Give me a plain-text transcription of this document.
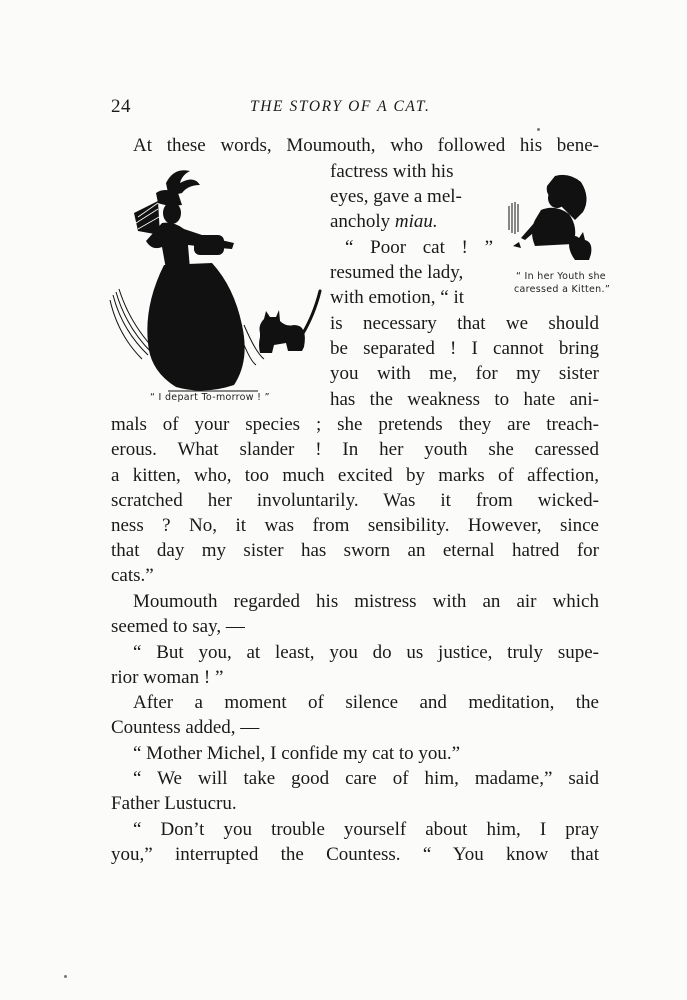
24	THE STORY OF A CAT.
“ I depart To-morrow ! ”
“ In her Youth she
caressed a Kitten.”
At these words, Moumouth, who followed his bene-
factress with his
eyes, gave a mel-
ancholy miau.
“ Poor cat ! ”
resumed the lady,
with emotion, “ it
is necessary that we should
be separated ! I cannot bring
you with me, for my sister
has the weakness to hate ani-
mals of your species ; she pretends they are treach-
erous. What slander ! In her youth she caressed
a kitten, who, too much excited by marks of affection,
scratched her involuntarily. Was it from wicked-
ness ? No, it was from sensibility. However, since
that day my sister has sworn an eternal hatred for
cats.”
Moumouth regarded his mistress with an air which
seemed to say, —
“ But you, at least, you do us justice, truly supe-
rior woman ! ”
After a moment of silence and meditation, the
Countess added, —
“ Mother Michel, I confide my cat to you.”
“ We will take good care of him, madame,” said
Father Lustucru.
“ Don’t you trouble yourself about him, I pray
you,” interrupted the Countess. “ You know that
